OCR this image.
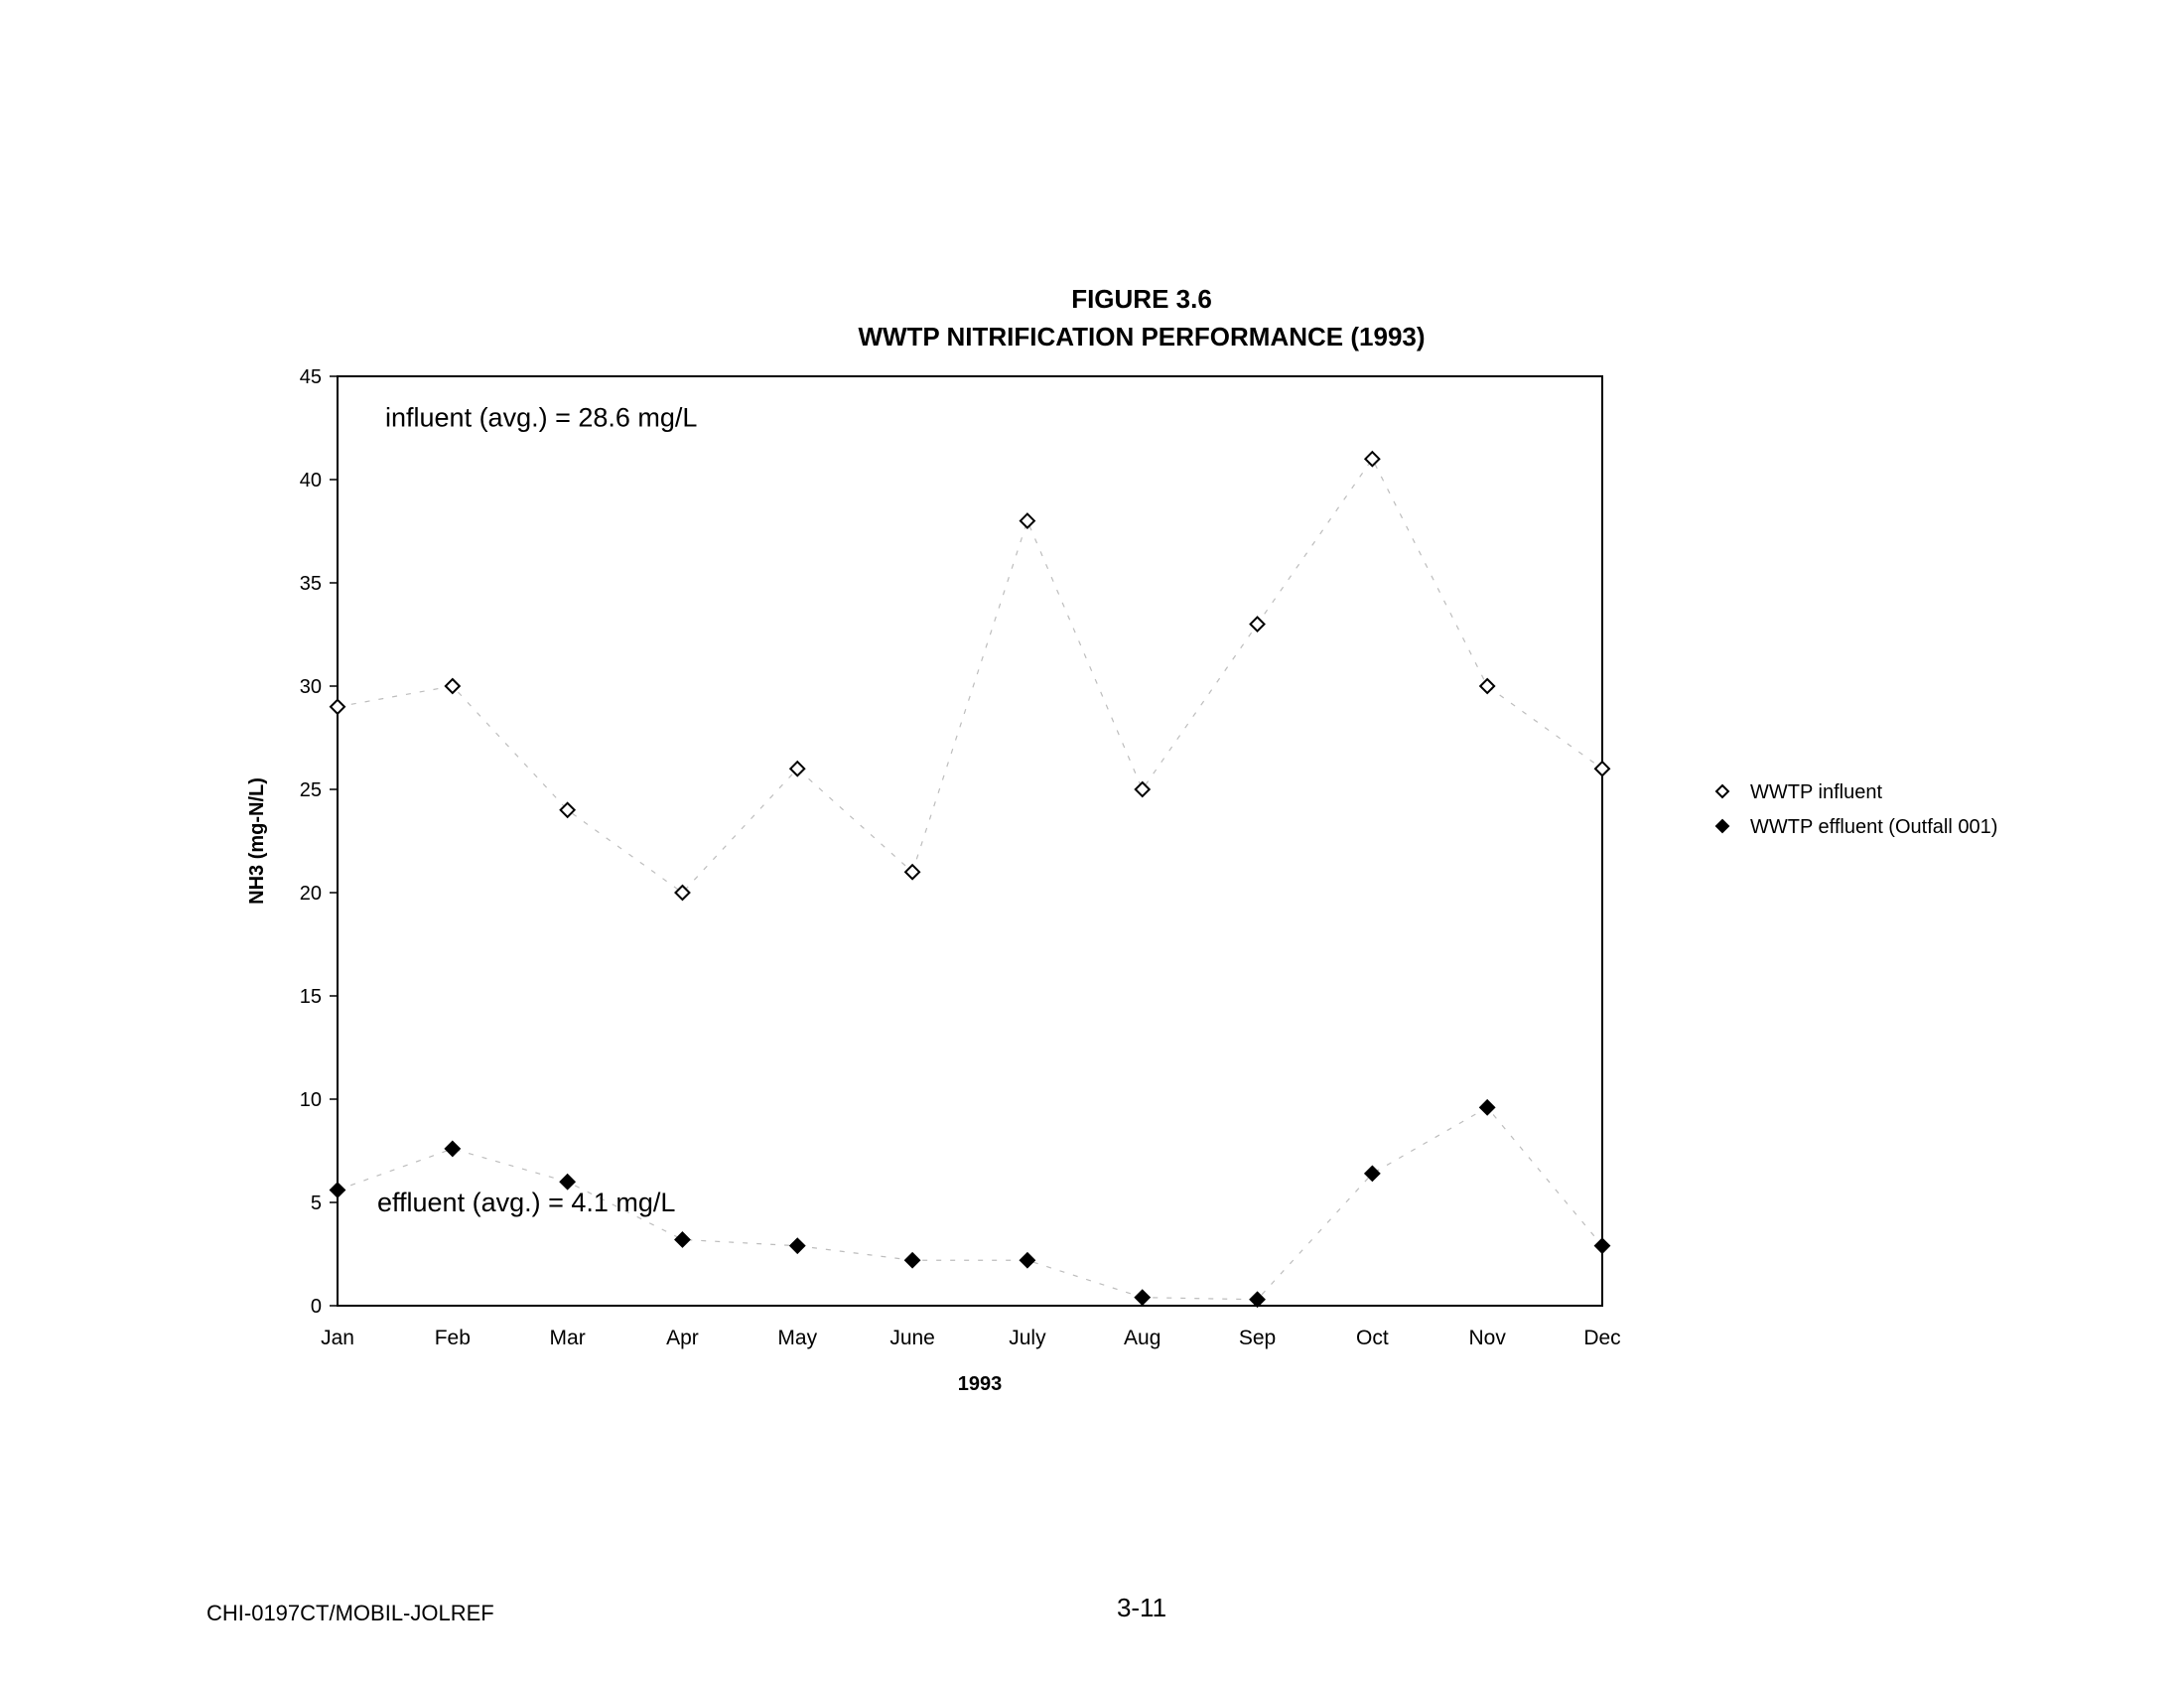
FIGURE 3.6
WWTP NITRIFICATION PERFORMANCE (1993)
0
5
10
15
20
25
30
35
40
45
Jan	Feb	Mar	Apr	May	June	July	Aug	Sep	Oct	Nov	Dec
1993
NH3 (mg-N/L)
influent (avg.) = 28.6 mg/L
effluent (avg.) = 4.1 mg/L
WWTP influent
WWTP effluent (Outfall 001)
CHI-0197CT/MOBIL-JOLREF	3-11
